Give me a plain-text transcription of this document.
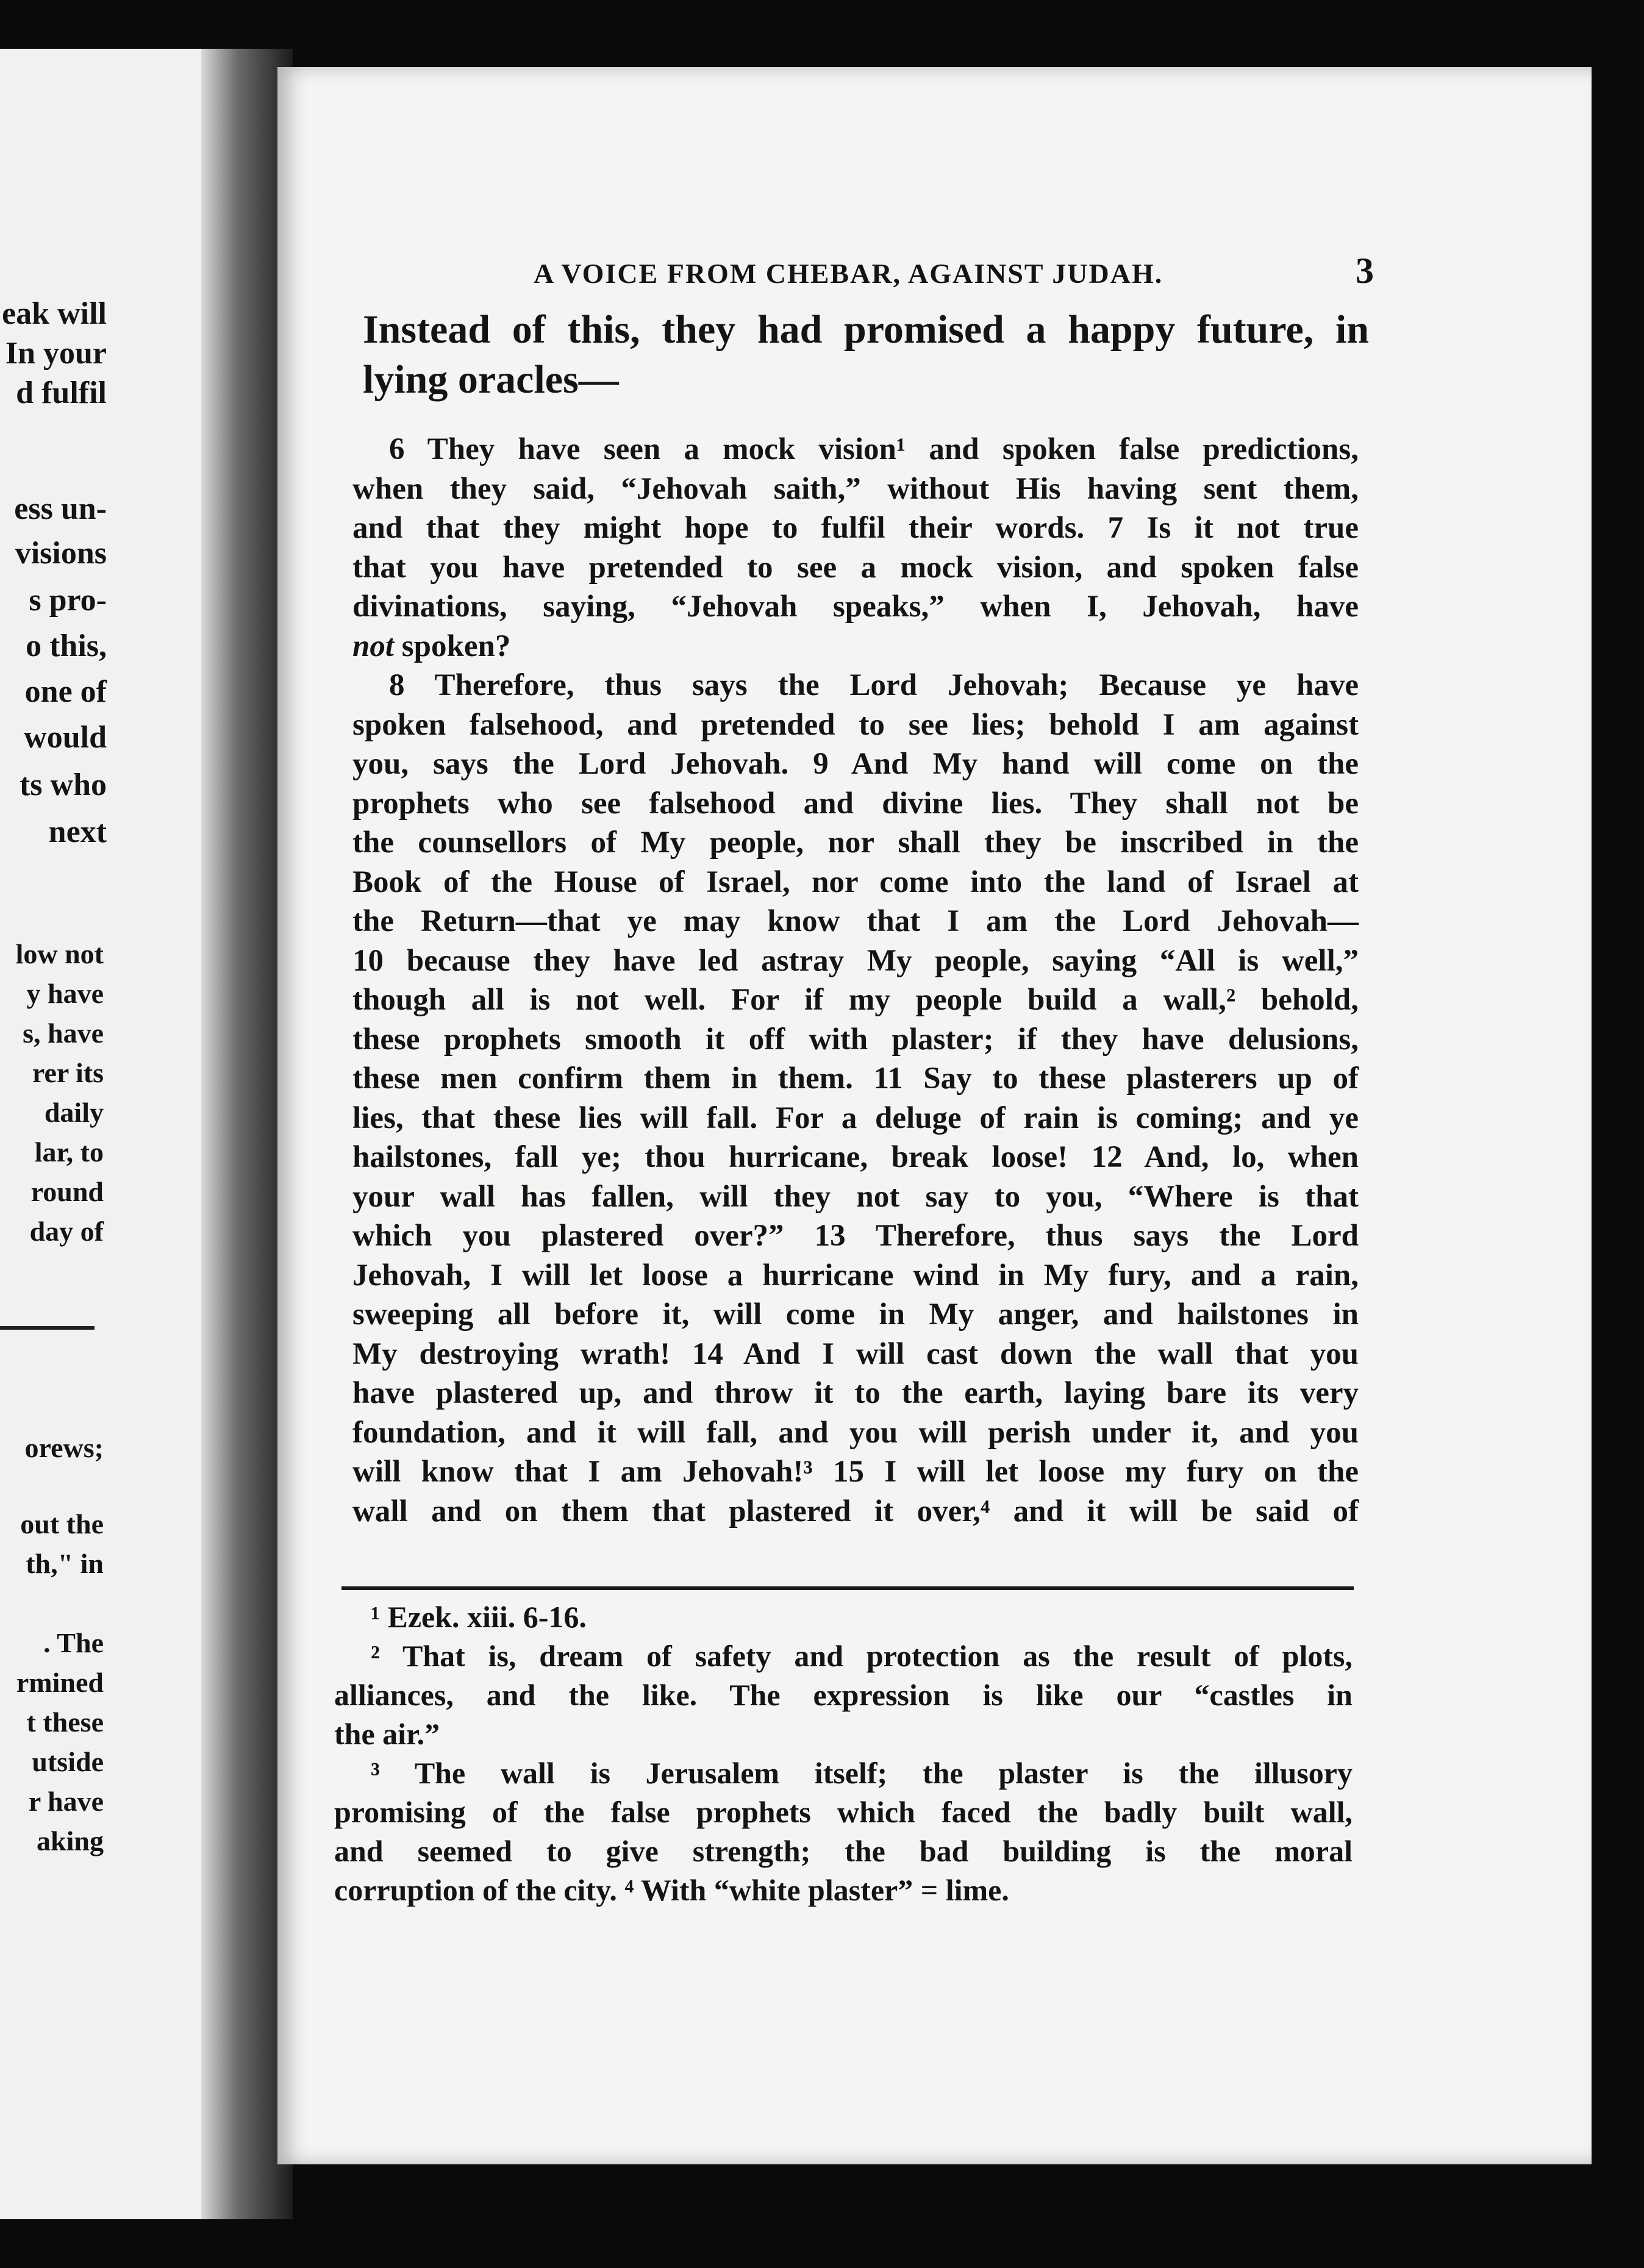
eak will
In your
d fulfil
ess un-
visions
s pro-
o this,
one of
would
ts who
next
low not
y have
s, have
rer its
daily
lar, to
round
day of
orews;
out the
th," in
. The
rmined
t these
utside
r have
aking
A VOICE FROM CHEBAR, AGAINST JUDAH.	3
Instead of this, they had promised a happy future, in
lying oracles—
6 They have seen a mock vision¹ and spoken false predictions,
when they said, “Jehovah saith,” without His having sent them,
and that they might hope to fulfil their words. 7 Is it not true
that you have pretended to see a mock vision, and spoken false
divinations, saying, “Jehovah speaks,” when I, Jehovah, have
not spoken?
8 Therefore, thus says the Lord Jehovah; Because ye have
spoken falsehood, and pretended to see lies; behold I am against
you, says the Lord Jehovah. 9 And My hand will come on the
prophets who see falsehood and divine lies. They shall not be
the counsellors of My people, nor shall they be inscribed in the
Book of the House of Israel, nor come into the land of Israel at
the Return—that ye may know that I am the Lord Jehovah—
10 because they have led astray My people, saying “All is well,”
though all is not well. For if my people build a wall,² behold,
these prophets smooth it off with plaster; if they have delusions,
these men confirm them in them. 11 Say to these plasterers up of
lies, that these lies will fall. For a deluge of rain is coming; and ye
hailstones, fall ye; thou hurricane, break loose! 12 And, lo, when
your wall has fallen, will they not say to you, “Where is that
which you plastered over?” 13 Therefore, thus says the Lord
Jehovah, I will let loose a hurricane wind in My fury, and a rain,
sweeping all before it, will come in My anger, and hailstones in
My destroying wrath! 14 And I will cast down the wall that you
have plastered up, and throw it to the earth, laying bare its very
foundation, and it will fall, and you will perish under it, and you
will know that I am Jehovah!³ 15 I will let loose my fury on the
wall and on them that plastered it over,⁴ and it will be said of
¹ Ezek. xiii. 6-16.
² That is, dream of safety and protection as the result of plots,
alliances, and the like. The expression is like our “castles in
the air.”
³ The wall is Jerusalem itself; the plaster is the illusory
promising of the false prophets which faced the badly built wall,
and seemed to give strength; the bad building is the moral
corruption of the city. ⁴ With “white plaster” = lime.
